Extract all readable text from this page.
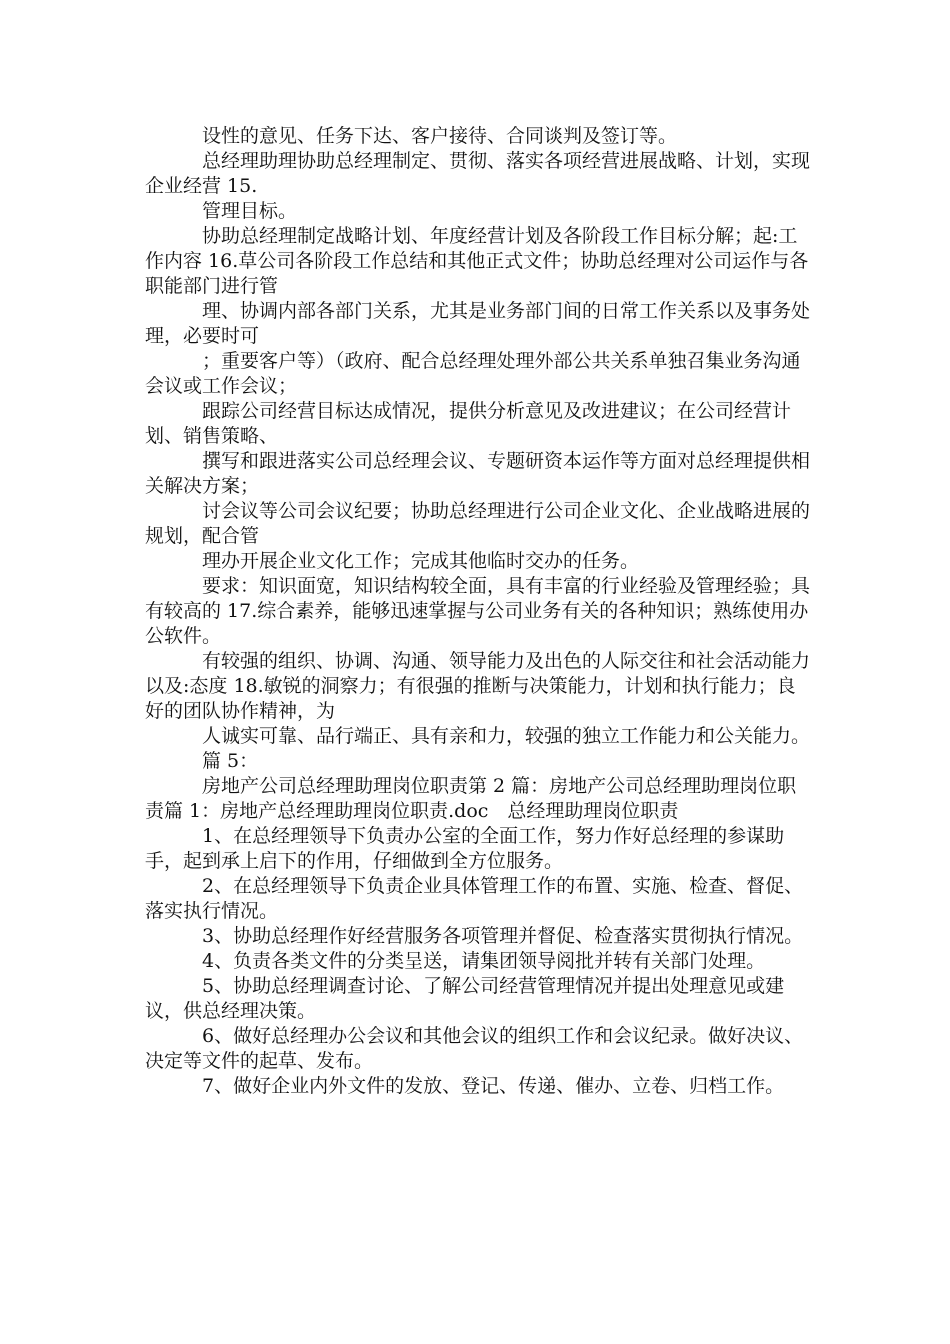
设性的意见、任务下达、客户接待、合同谈判及签订等。

总经理助理协助总经理制定、贯彻、落实各项经营进展战略、计划，实现企业经营 15.

管理目标。

协助总经理制定战略计划、年度经营计划及各阶段工作目标分解；起:工作内容 16.草公司各阶段工作总结和其他正式文件；协助总经理对公司运作与各职能部门进行管

理、协调内部各部门关系，尤其是业务部门间的日常工作关系以及事务处理，必要时可

；重要客户等）（政府、配合总经理处理外部公共关系单独召集业务沟通会议或工作会议；

跟踪公司经营目标达成情况，提供分析意见及改进建议；在公司经营计划、销售策略、

撰写和跟进落实公司总经理会议、专题研资本运作等方面对总经理提供相关解决方案；

讨会议等公司会议纪要；协助总经理进行公司企业文化、企业战略进展的规划，配合管

理办开展企业文化工作；完成其他临时交办的任务。

要求：知识面宽，知识结构较全面，具有丰富的行业经验及管理经验；具有较高的 17.综合素养，能够迅速掌握与公司业务有关的各种知识；熟练使用办公软件。

有较强的组织、协调、沟通、领导能力及出色的人际交往和社会活动能力以及:态度 18.敏锐的洞察力；有很强的推断与决策能力，计划和执行能力；良好的团队协作精神，为

人诚实可靠、品行端正、具有亲和力，较强的独立工作能力和公关能力。

篇 5：

房地产公司总经理助理岗位职责第 2 篇：房地产公司总经理助理岗位职责篇 1：房地产总经理助理岗位职责.doc　总经理助理岗位职责

1、在总经理领导下负责办公室的全面工作，努力作好总经理的参谋助手，起到承上启下的作用，仔细做到全方位服务。

2、在总经理领导下负责企业具体管理工作的布置、实施、检查、督促、落实执行情况。

3、协助总经理作好经营服务各项管理并督促、检查落实贯彻执行情况。

4、负责各类文件的分类呈送，请集团领导阅批并转有关部门处理。

5、协助总经理调查讨论、了解公司经营管理情况并提出处理意见或建议，供总经理决策。

6、做好总经理办公会议和其他会议的组织工作和会议纪录。做好决议、决定等文件的起草、发布。

7、做好企业内外文件的发放、登记、传递、催办、立卷、归档工作。
